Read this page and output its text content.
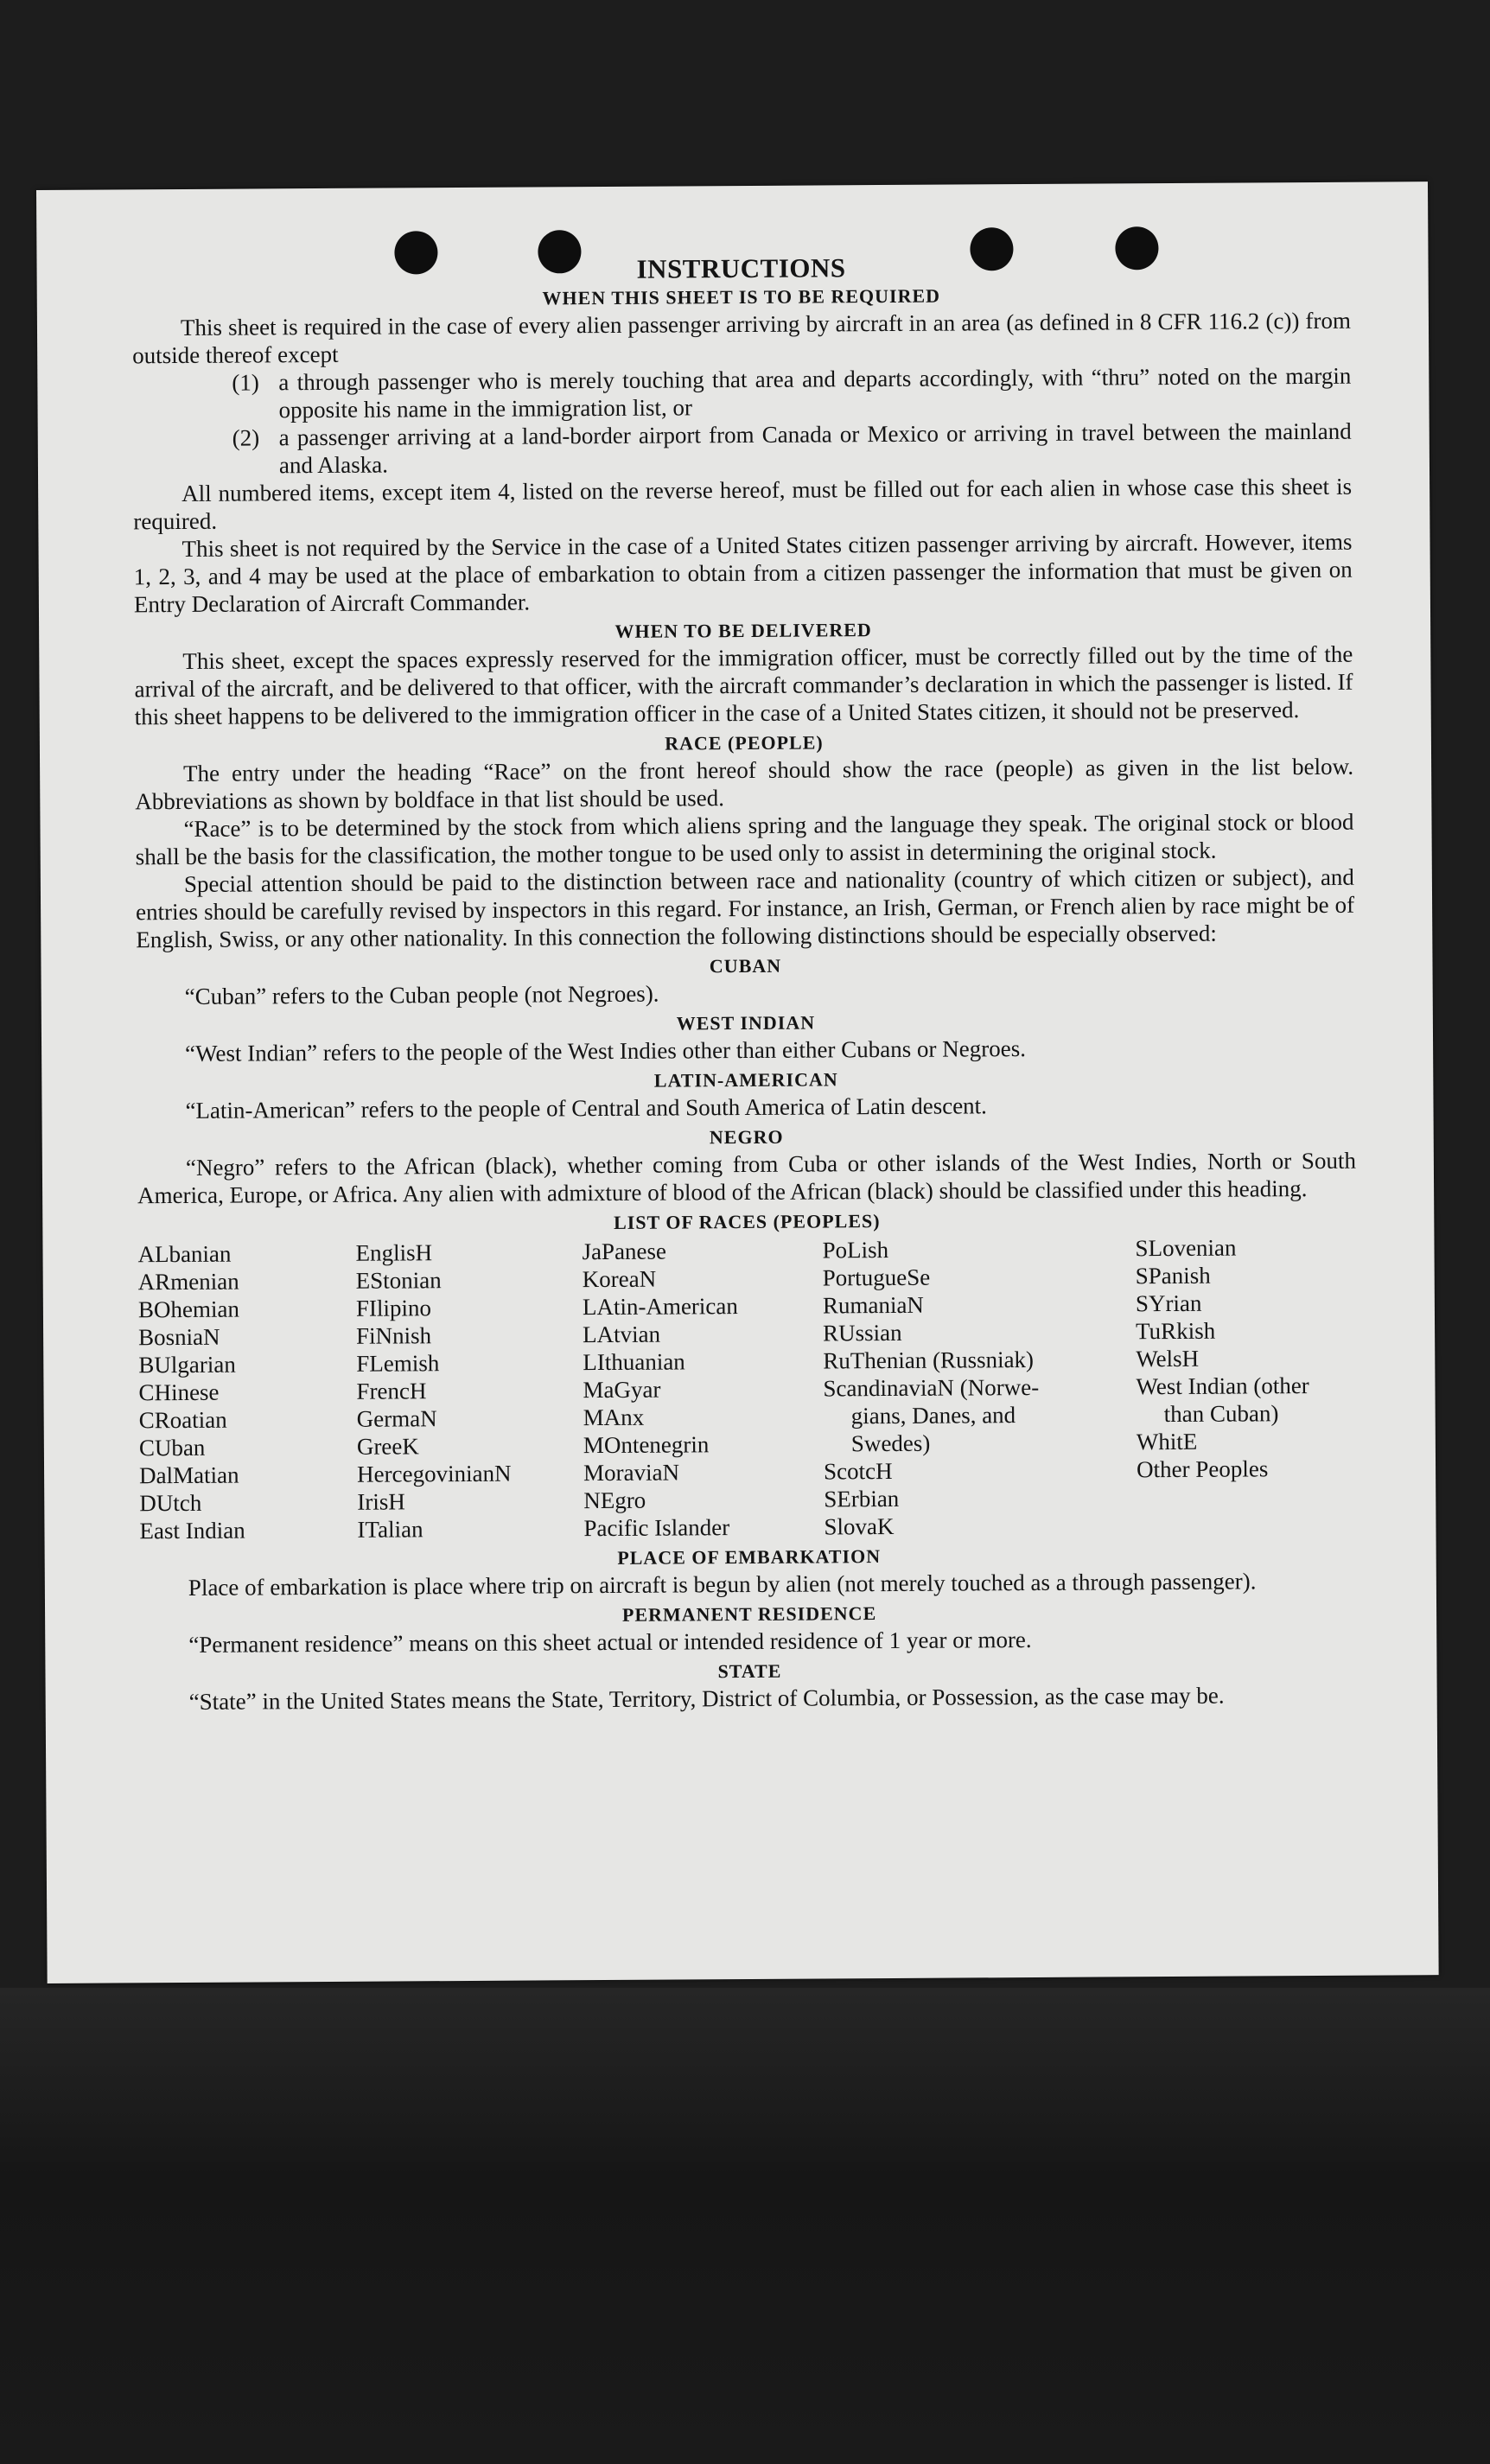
INSTRUCTIONS
WHEN THIS SHEET IS TO BE REQUIRED

This sheet is required in the case of every alien passenger arriving by aircraft in an area (as defined in 8 CFR 116.2 (c)) from outside thereof except

(1) a through passenger who is merely touching that area and departs accordingly, with “thru” noted on the margin opposite his name in the immigration list, or
(2) a passenger arriving at a land-border airport from Canada or Mexico or arriving in travel between the mainland and Alaska.

All numbered items, except item 4, listed on the reverse hereof, must be filled out for each alien in whose case this sheet is required.

This sheet is not required by the Service in the case of a United States citizen passenger arriving by aircraft. However, items 1, 2, 3, and 4 may be used at the place of embarkation to obtain from a citizen passenger the information that must be given on Entry Declaration of Aircraft Commander.

WHEN TO BE DELIVERED

This sheet, except the spaces expressly reserved for the immigration officer, must be correctly filled out by the time of the arrival of the aircraft, and be delivered to that officer, with the aircraft commander’s declaration in which the passenger is listed. If this sheet happens to be delivered to the immigration officer in the case of a United States citizen, it should not be preserved.

RACE (PEOPLE)

The entry under the heading “Race” on the front hereof should show the race (people) as given in the list below. Abbreviations as shown by boldface in that list should be used.

“Race” is to be determined by the stock from which aliens spring and the language they speak. The original stock or blood shall be the basis for the classification, the mother tongue to be used only to assist in determining the original stock.

Special attention should be paid to the distinction between race and nationality (country of which citizen or subject), and entries should be carefully revised by inspectors in this regard. For instance, an Irish, German, or French alien by race might be of English, Swiss, or any other nationality. In this connection the following distinctions should be especially observed:

CUBAN

“Cuban” refers to the Cuban people (not Negroes).

WEST INDIAN

“West Indian” refers to the people of the West Indies other than either Cubans or Negroes.

LATIN-AMERICAN

“Latin-American” refers to the people of Central and South America of Latin descent.

NEGRO

“Negro” refers to the African (black), whether coming from Cuba or other islands of the West Indies, North or South America, Europe, or Africa. Any alien with admixture of blood of the African (black) should be classified under this heading.

LIST OF RACES (PEOPLES)
ALbanian
ARmenian
BOhemian
BosniaN
BUlgarian
CHinese
CRoatian
CUban
DalMatian
DUtch
East Indian
EnglisH
EStonian
FIlipino
FiNnish
FLemish
FrencH
GermaN
GreeK
HercegovinianN
IrisH
ITalian
JaPanese
KoreaN
LAtin-American
LAtvian
LIthuanian
MaGyar
MAnx
MOntenegrin
MoraviaN
NEgro
Pacific Islander
PoLish
PortugueSe
RumaniaN
RUssian
RuThenian (Russniak)
ScandinaviaN (Norwe-
gians, Danes, and
Swedes)
ScotcH
SErbian
SlovaK
SLovenian
SPanish
SYrian
TuRkish
WelsH
West Indian (other
than Cuban)
WhitE
Other Peoples
PLACE OF EMBARKATION

Place of embarkation is place where trip on aircraft is begun by alien (not merely touched as a through passenger).

PERMANENT RESIDENCE

“Permanent residence” means on this sheet actual or intended residence of 1 year or more.

STATE

“State” in the United States means the State, Territory, District of Columbia, or Possession, as the case may be.
